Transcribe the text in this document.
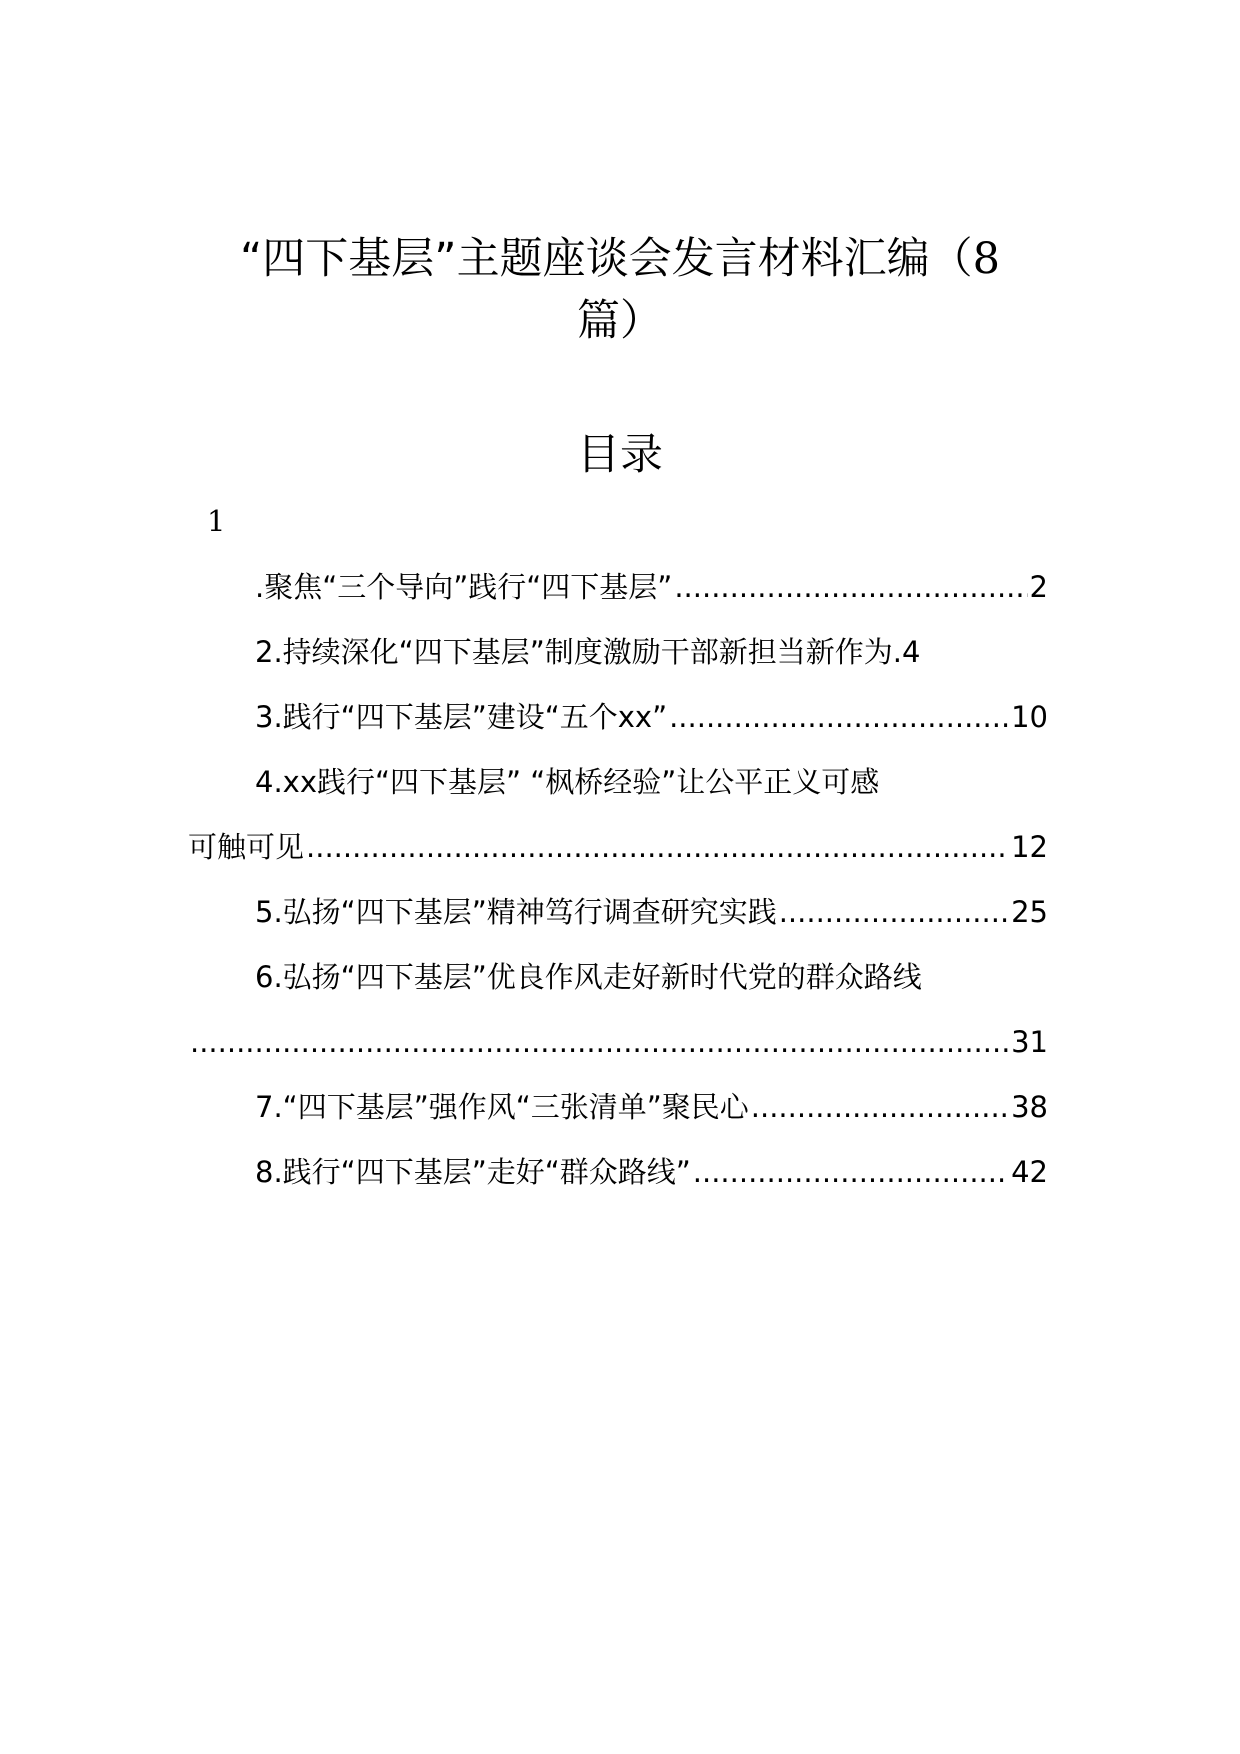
“四下基层”主题座谈会发言材料汇编（8
篇）
目录
1
.聚焦“三个导向”践行“四下基层” .....	2
2.持续深化“四下基层”制度激励干部新担当新作为. 4
3.践行“四下基层”建设“五个xx” .....	10
4.xx践行“四下基层” “枫桥经验”让公平正义可感
可触可见 .....	12
5.弘扬“四下基层”精神笃行调查研究实践 .....	25
6.弘扬“四下基层”优良作风走好新时代党的群众路线
.....
31
7.“四下基层”强作风“三张清单”聚民心 .....	38
8.践行“四下基层”走好“群众路线” .....	42
